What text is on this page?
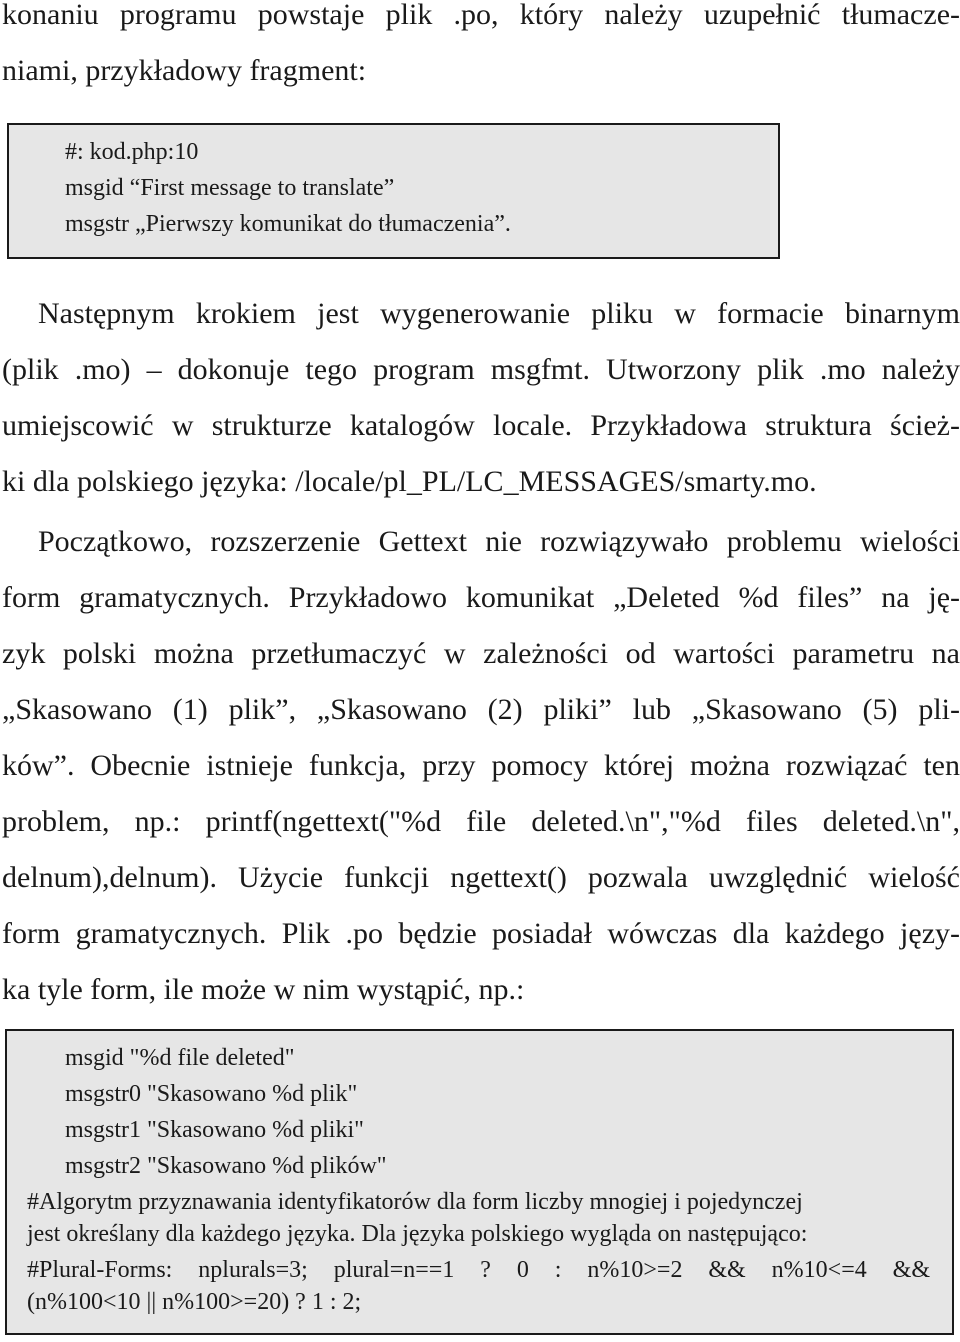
konaniu programu powstaje plik .po, który należy uzupełnić tłumacze-
niami, przykładowy fragment:
#: kod.php:10
msgid “First message to translate”
msgstr „Pierwszy komunikat do tłumaczenia”.
Następnym krokiem jest wygenerowanie pliku w formacie binarnym
(plik .mo) – dokonuje tego program msgfmt. Utworzony plik .mo należy
umiejscowić w strukturze katalogów locale. Przykładowa struktura ścież-
ki dla polskiego języka: /locale/pl_PL/LC_MESSAGES/smarty.mo.
Początkowo, rozszerzenie Gettext nie rozwiązywało problemu wielości
form gramatycznych. Przykładowo komunikat „Deleted %d files” na ję-
zyk polski można przetłumaczyć w zależności od wartości parametru na
„Skasowano (1) plik”, „Skasowano (2) pliki” lub „Skasowano (5) pli-
ków”. Obecnie istnieje funkcja, przy pomocy której można rozwiązać ten
problem, np.: printf(ngettext("%d file deleted.\n","%d files deleted.\n",
delnum),delnum). Użycie funkcji ngettext() pozwala uwzględnić wielość
form gramatycznych. Plik .po będzie posiadał wówczas dla każdego języ-
ka tyle form, ile może w nim wystąpić, np.:
msgid "%d file deleted"
msgstr0 "Skasowano %d plik"
msgstr1 "Skasowano %d pliki"
msgstr2 "Skasowano %d plików"
#Algorytm przyznawania identyfikatorów dla form liczby mnogiej i pojedynczej
jest określany dla każdego języka. Dla języka polskiego wygląda on następująco:
#Plural-Forms: nplurals=3; plural=n==1 ? 0 : n%10>=2 && n%10<=4 &&
(n%100<10 || n%100>=20) ? 1 : 2;
